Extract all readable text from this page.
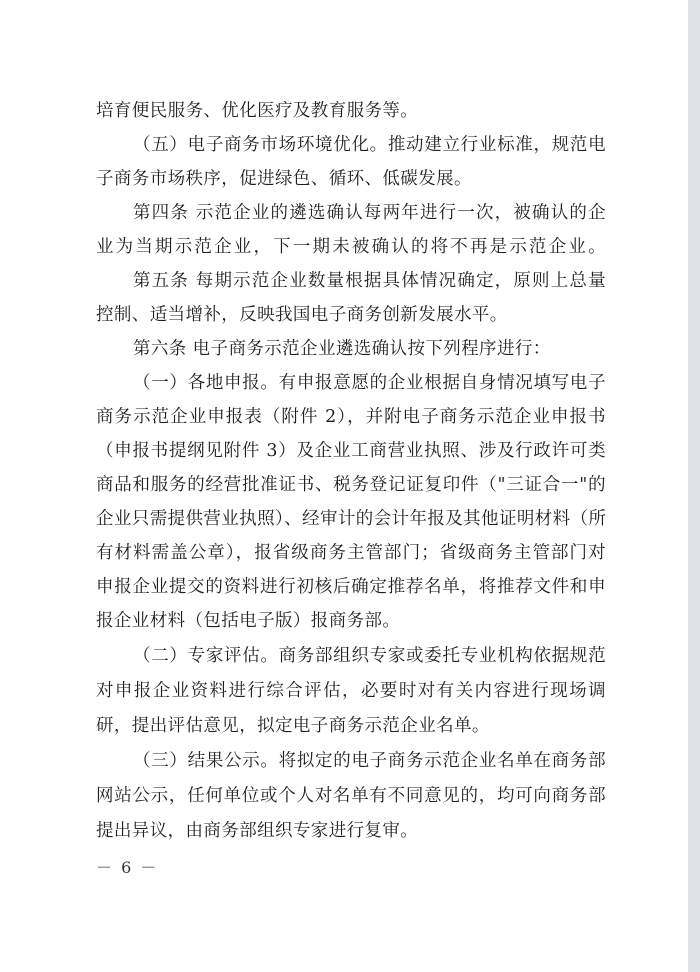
培育便民服务、优化医疗及教育服务等。
（五）电子商务市场环境优化。推动建立行业标准，规范电
子商务市场秩序，促进绿色、循环、低碳发展。
第四条 示范企业的遴选确认每两年进行一次，被确认的企
业为当期示范企业，下一期未被确认的将不再是示范企业。
第五条 每期示范企业数量根据具体情况确定，原则上总量
控制、适当增补，反映我国电子商务创新发展水平。
第六条 电子商务示范企业遴选确认按下列程序进行：
（一）各地申报。有申报意愿的企业根据自身情况填写电子
商务示范企业申报表（附件 2），并附电子商务示范企业申报书
（申报书提纲见附件 3）及企业工商营业执照、涉及行政许可类
商品和服务的经营批准证书、税务登记证复印件（"三证合一"的
企业只需提供营业执照）、经审计的会计年报及其他证明材料（所
有材料需盖公章），报省级商务主管部门；省级商务主管部门对
申报企业提交的资料进行初核后确定推荐名单，将推荐文件和申
报企业材料（包括电子版）报商务部。
（二）专家评估。商务部组织专家或委托专业机构依据规范
对申报企业资料进行综合评估，必要时对有关内容进行现场调
研，提出评估意见，拟定电子商务示范企业名单。
（三）结果公示。将拟定的电子商务示范企业名单在商务部
网站公示，任何单位或个人对名单有不同意见的，均可向商务部
提出异议，由商务部组织专家进行复审。
－ 6 －
